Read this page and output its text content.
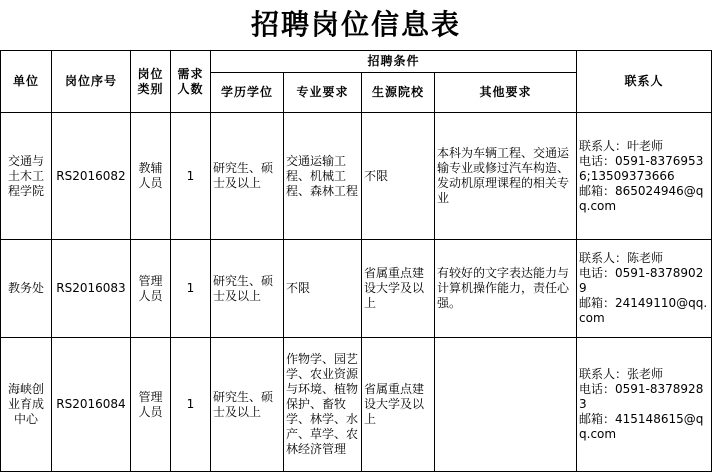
招聘岗位信息表
单位	岗位序号	岗位类别	需求人数	招聘条件				联系人
				学历学位	专业要求	生源院校	其他要求	
交通与土木工程学院	RS2016082	教辅人员	1	研究生、硕士及以上	交通运输工程、机械工程、森林工程	不限	本科为车辆工程、交通运输专业或修过汽车构造、发动机原理课程的相关专业	联系人：叶老师
电话：0591-83769536;13509373666
邮箱：865024946@qq.com

教务处	RS2016083	管理人员	1	研究生、硕士及以上	不限	省属重点建设大学及以上	有较好的文字表达能力与计算机操作能力，责任心强。	联系人：陈老师
电话：0591-83789029
邮箱：24149110@qq.com

海峡创业育成中心	RS2016084	管理人员	1	研究生、硕士及以上	作物学、园艺学、农业资源与环境、植物保护、畜牧学、林学、水产、草学、农林经济管理	省属重点建设大学及以上		联系人：张老师
电话：0591-83789283
邮箱：415148615@qq.com
